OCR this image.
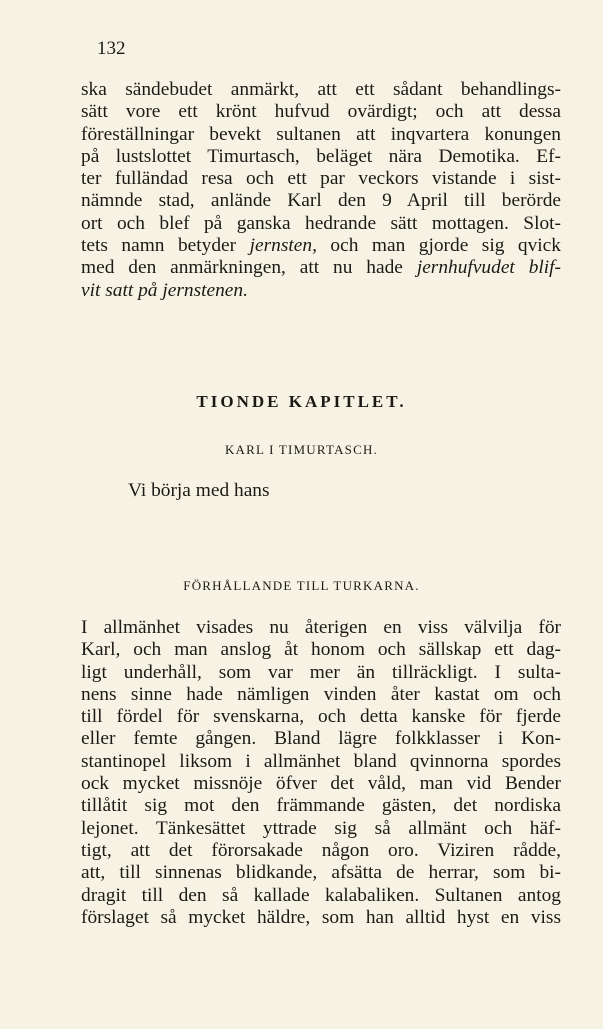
132
ska sändebudet anmärkt, att ett sådant behandlings-
sätt vore ett krönt hufvud ovärdigt; och att dessa
föreställningar bevekt sultanen att inqvartera konungen
på lustslottet Timurtasch, beläget nära Demotika. Ef-
ter fulländad resa och ett par veckors vistande i sist-
nämnde stad, anlände Karl den 9 April till berörde
ort och blef på ganska hedrande sätt mottagen. Slot-
tets namn betyder jernsten, och man gjorde sig qvick
med den anmärkningen, att nu hade jernhufvudet blif-
vit satt på jernstenen.
TIONDE KAPITLET.
KARL I TIMURTASCH.
Vi börja med hans
FÖRHÅLLANDE TILL TURKARNA.
I allmänhet visades nu återigen en viss välvilja för
Karl, och man anslog åt honom och sällskap ett dag-
ligt underhåll, som var mer än tillräckligt. I sulta-
nens sinne hade nämligen vinden åter kastat om och
till fördel för svenskarna, och detta kanske för fjerde
eller femte gången. Bland lägre folkklasser i Kon-
stantinopel liksom i allmänhet bland qvinnorna spordes
ock mycket missnöje öfver det våld, man vid Bender
tillåtit sig mot den främmande gästen, det nordiska
lejonet. Tänkesättet yttrade sig så allmänt och häf-
tigt, att det förorsakade någon oro. Viziren rådde,
att, till sinnenas blidkande, afsätta de herrar, som bi-
dragit till den så kallade kalabaliken. Sultanen antog
förslaget så mycket häldre, som han alltid hyst en viss
